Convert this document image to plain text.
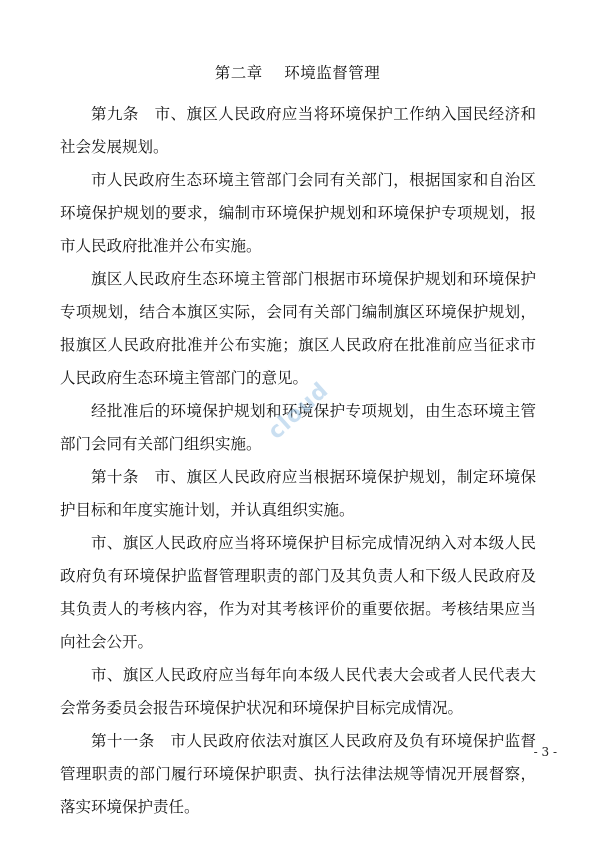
第二章　 环境监督管理

第九条　市、旗区人民政府应当将环境保护工作纳入国民经济和社会发展规划。

市人民政府生态环境主管部门会同有关部门，根据国家和自治区环境保护规划的要求，编制市环境保护规划和环境保护专项规划，报市人民政府批准并公布实施。

旗区人民政府生态环境主管部门根据市环境保护规划和环境保护专项规划，结合本旗区实际，会同有关部门编制旗区环境保护规划，报旗区人民政府批准并公布实施；旗区人民政府在批准前应当征求市人民政府生态环境主管部门的意见。

经批准后的环境保护规划和环境保护专项规划，由生态环境主管部门会同有关部门组织实施。

第十条　市、旗区人民政府应当根据环境保护规划，制定环境保护目标和年度实施计划，并认真组织实施。

市、旗区人民政府应当将环境保护目标完成情况纳入对本级人民政府负有环境保护监督管理职责的部门及其负责人和下级人民政府及其负责人的考核内容，作为对其考核评价的重要依据。考核结果应当向社会公开。

市、旗区人民政府应当每年向本级人民代表大会或者人民代表大会常务委员会报告环境保护状况和环境保护目标完成情况。

第十一条　市人民政府依法对旗区人民政府及负有环境保护监督管理职责的部门履行环境保护职责、执行法律法规等情况开展督察，落实环境保护责任。

cloud
- 3 -
